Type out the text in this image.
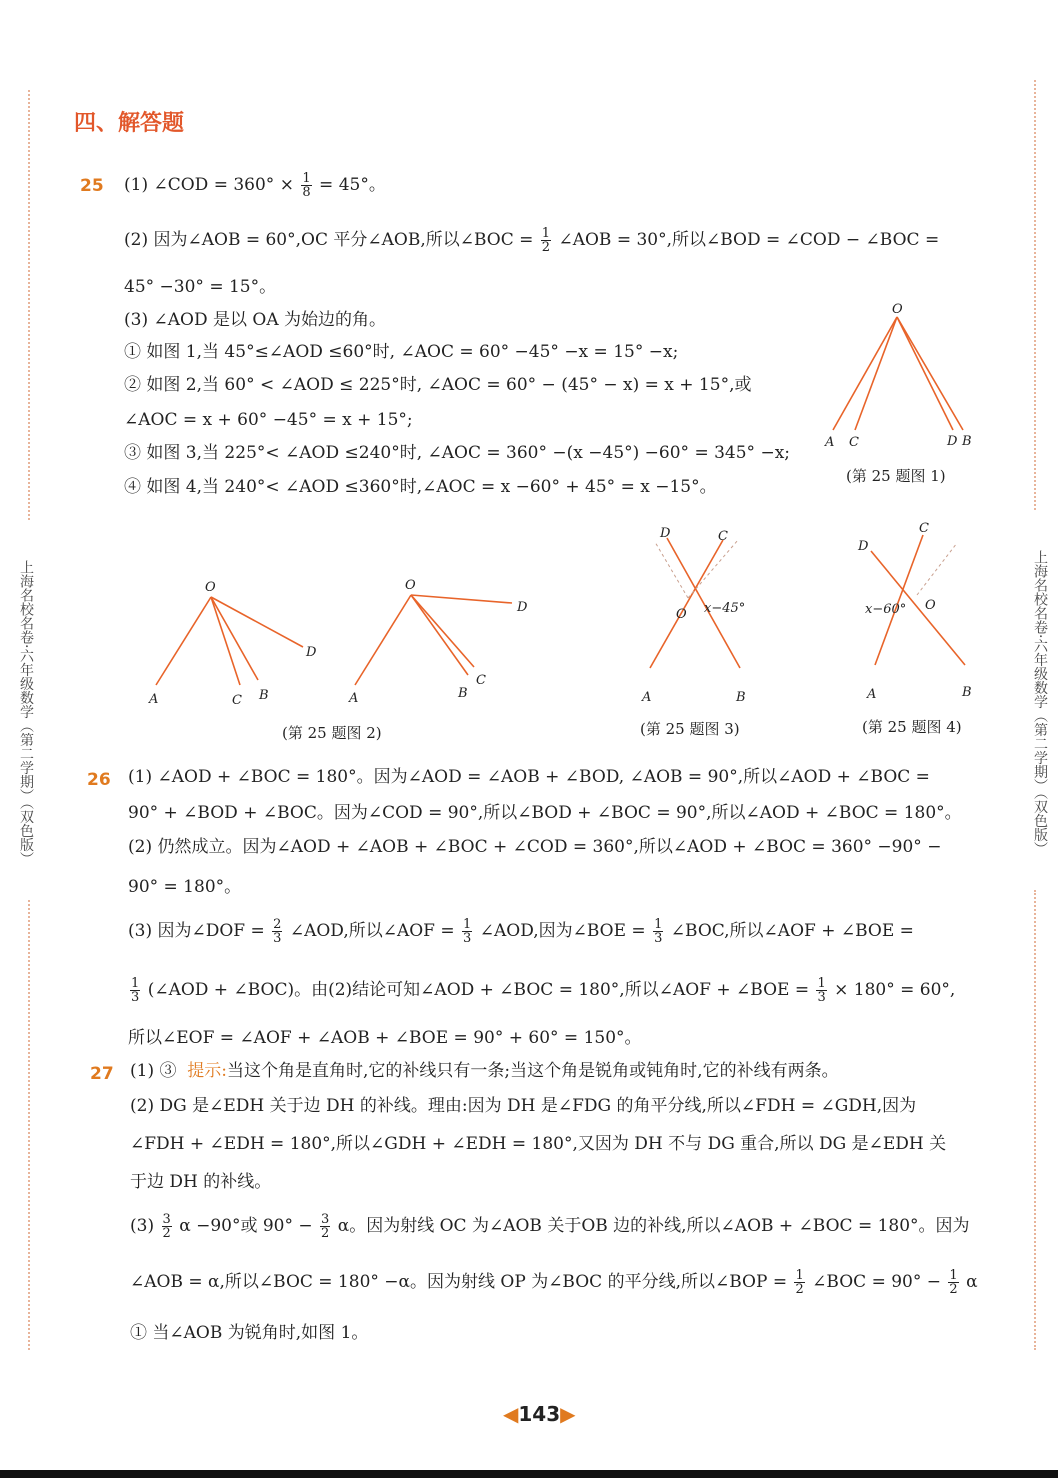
上海名校名卷·六年级数学（第二学期）（双色版）	上海名校名卷·六年级数学（第二学期）（双色版）
四、解答题
25 (1) ∠COD = $360^\circ \times \frac{1}{8} = 45^\circ$。
(2) 因为∠AOB = 60°,OC 平分∠AOB,所以∠BOC = $\frac{1}{2}$ ∠AOB = 30°,所以∠BOD = ∠COD − ∠BOC =
45° −30° = 15°。
(3) ∠AOD 是以 OA 为始边的角。
① 如图 1,当 45°≤∠AOD ≤60°时, ∠AOC = 60° −45° −x = 15° −x;
② 如图 2,当 60° < ∠AOD ≤ 225°时, ∠AOC = 60° − (45° − x) = x + 15°,或
∠AOC = x + 60° −45° = x + 15°;
③ 如图 3,当 225°< ∠AOD ≤240°时, ∠AOC = 360° −(x −45°) −60° = 345° −x;
④ 如图 4,当 240°< ∠AOD ≤360°时,∠AOC = x −60° + 45° = x −15°。
O
A C	D B
(第 25 题图 1)
O
A	C B
D
O
A	B
C
D
(第 25 题图 2)
D	C
O x−45°
A	B
(第 25 题图 3)
C
D
x−60° O
A	B
(第 25 题图 4)
26 (1) ∠AOD + ∠BOC = 180°。因为∠AOD = ∠AOB + ∠BOD, ∠AOB = 90°,所以∠AOD + ∠BOC =
90° + ∠BOD + ∠BOC。因为∠COD = 90°,所以∠BOD + ∠BOC = 90°,所以∠AOD + ∠BOC = 180°。
(2) 仍然成立。因为∠AOD + ∠AOB + ∠BOC + ∠COD = 360°,所以∠AOD + ∠BOC = 360° −90° −
90° = 180°。
(3) 因为∠DOF = $\frac{2}{3}$ ∠AOD,所以∠AOF = $\frac{1}{3}$ ∠AOD,因为∠BOE = $\frac{1}{3}$ ∠BOC,所以∠AOF + ∠BOE =
$\frac{1}{3}$ (∠AOD + ∠BOC)。由(2)结论可知∠AOD + ∠BOC = 180°,所以∠AOF + ∠BOE = $\frac{1}{3} \times 180^\circ = 60^\circ$,
所以∠EOF = ∠AOF + ∠AOB + ∠BOE = 90° + 60° = 150°。
27 (1) ③ 提示:当这个角是直角时,它的补线只有一条;当这个角是锐角或钝角时,它的补线有两条。
(2) DG 是∠EDH 关于边 DH 的补线。理由:因为 DH 是∠FDG 的角平分线,所以∠FDH = ∠GDH,因为
∠FDH + ∠EDH = 180°,所以∠GDH + ∠EDH = 180°,又因为 DH 不与 DG 重合,所以 DG 是∠EDH 关
于边 DH 的补线。
$(3) \frac{3}{2}$ α −90°或 $90^\circ - \frac{3}{2}$ α。因为射线 OC 为∠AOB 关于OB 边的补线,所以∠AOB + ∠BOC = 180°。因为
∠AOB = α,所以∠BOC = 180° −α。因为射线 OP 为∠BOC 的平分线,所以∠BOP = $\frac{1}{2}$ ∠BOC = $90^\circ - \frac{1}{2}$ α
① 当∠AOB 为锐角时,如图 1。
◀143▶
